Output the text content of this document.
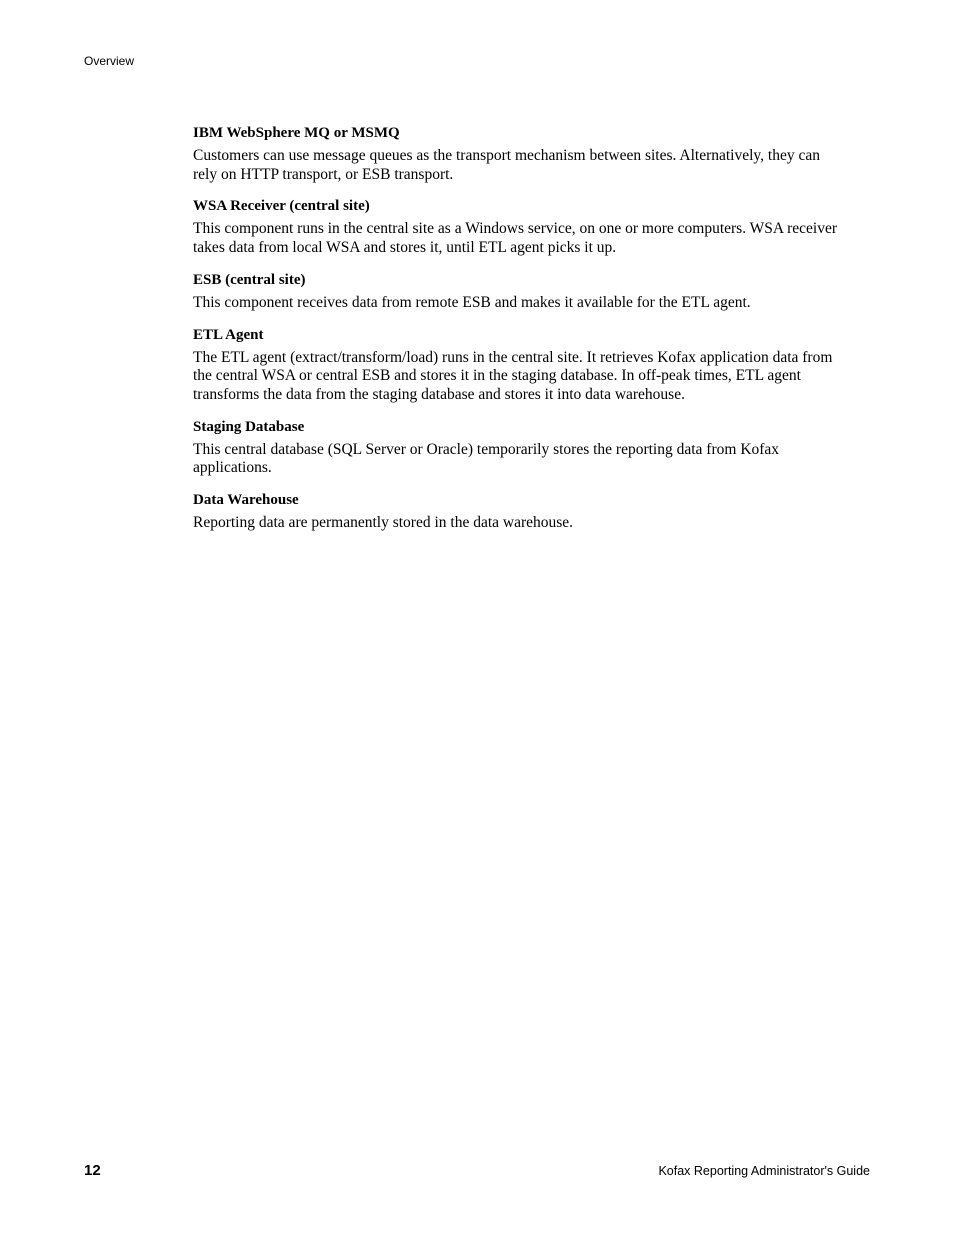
Overview
IBM WebSphere MQ or MSMQ

Customers can use message queues as the transport mechanism between sites. Alternatively, they can rely on HTTP transport, or ESB transport.

WSA Receiver (central site)

This component runs in the central site as a Windows service, on one or more computers. WSA receiver takes data from local WSA and stores it, until ETL agent picks it up.

ESB (central site)

This component receives data from remote ESB and makes it available for the ETL agent.

ETL Agent

The ETL agent (extract/transform/load) runs in the central site. It retrieves Kofax application data from the central WSA or central ESB and stores it in the staging database. In off-peak times, ETL agent transforms the data from the staging database and stores it into data warehouse.

Staging Database

This central database (SQL Server or Oracle) temporarily stores the reporting data from Kofax applications.

Data Warehouse

Reporting data are permanently stored in the data warehouse.

12	Kofax Reporting Administrator's Guide
